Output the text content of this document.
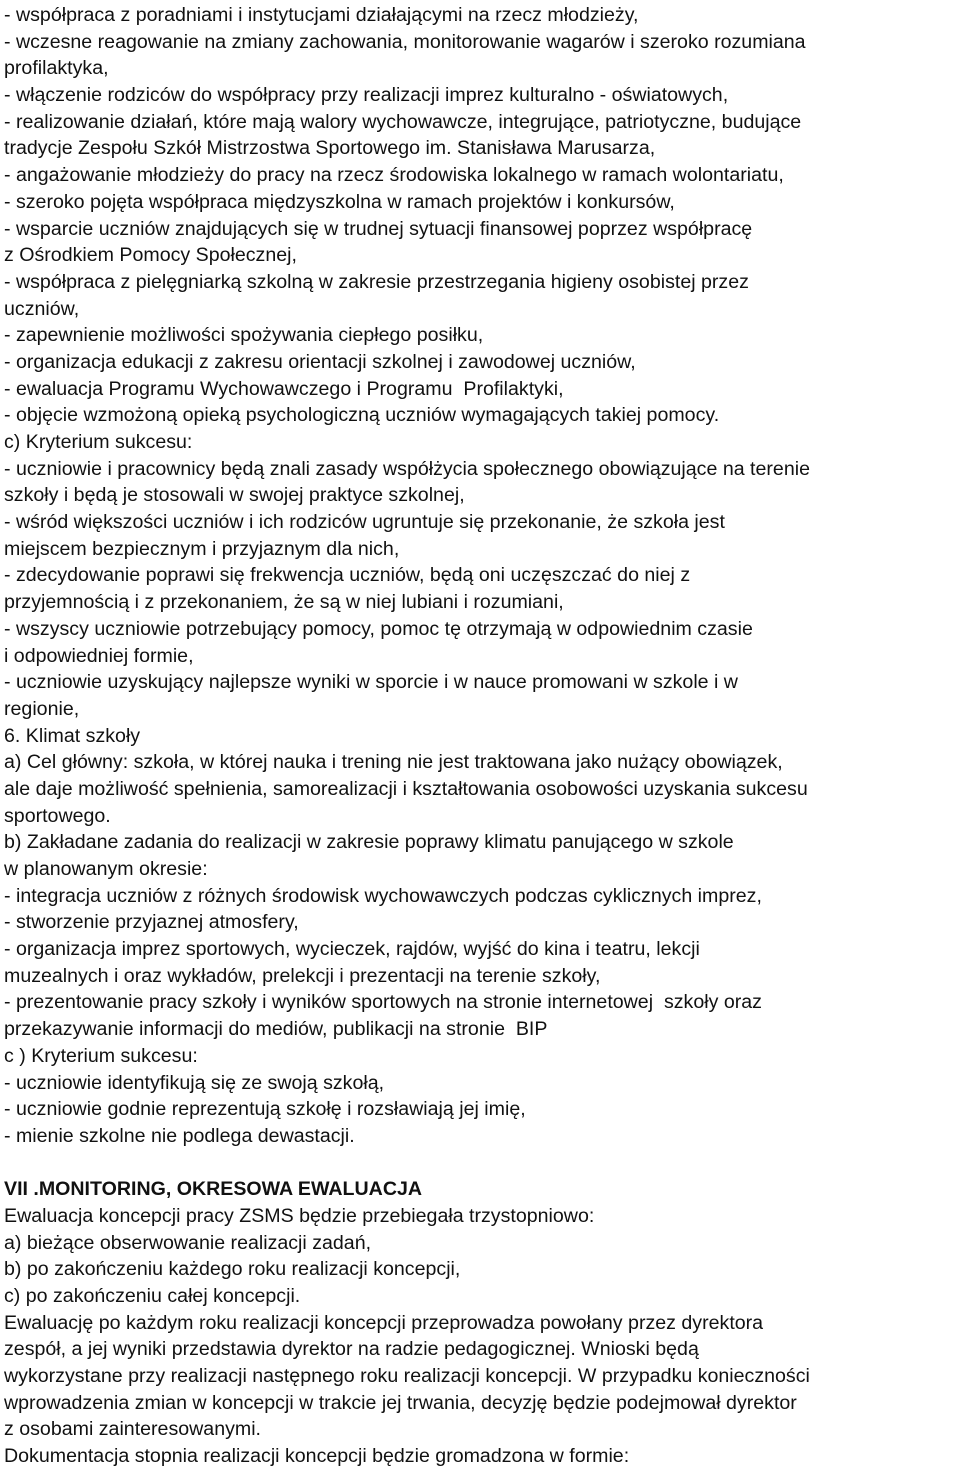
- współpraca z poradniami i instytucjami działającymi na rzecz młodzieży,
- wczesne reagowanie na zmiany zachowania, monitorowanie wagarów i szeroko rozumiana
profilaktyka,
- włączenie rodziców do współpracy przy realizacji imprez kulturalno - oświatowych,
- realizowanie działań, które mają walory wychowawcze, integrujące, patriotyczne, budujące
tradycje Zespołu Szkół Mistrzostwa Sportowego im. Stanisława Marusarza,
- angażowanie młodzieży do pracy na rzecz środowiska lokalnego w ramach wolontariatu,
- szeroko pojęta współpraca międzyszkolna w ramach projektów i konkursów,
- wsparcie uczniów znajdujących się w trudnej sytuacji finansowej poprzez współpracę
z Ośrodkiem Pomocy Społecznej,
- współpraca z pielęgniarką szkolną w zakresie przestrzegania higieny osobistej przez
uczniów,
- zapewnienie możliwości spożywania ciepłego posiłku,
- organizacja edukacji z zakresu orientacji szkolnej i zawodowej uczniów,
- ewaluacja Programu Wychowawczego i Programu  Profilaktyki,
- objęcie wzmożoną opieką psychologiczną uczniów wymagających takiej pomocy.
c) Kryterium sukcesu:
- uczniowie i pracownicy będą znali zasady współżycia społecznego obowiązujące na terenie
szkoły i będą je stosowali w swojej praktyce szkolnej,
- wśród większości uczniów i ich rodziców ugruntuje się przekonanie, że szkoła jest
miejscem bezpiecznym i przyjaznym dla nich,
- zdecydowanie poprawi się frekwencja uczniów, będą oni uczęszczać do niej z
przyjemnością i z przekonaniem, że są w niej lubiani i rozumiani,
- wszyscy uczniowie potrzebujący pomocy, pomoc tę otrzymają w odpowiednim czasie
i odpowiedniej formie,
- uczniowie uzyskujący najlepsze wyniki w sporcie i w nauce promowani w szkole i w
regionie,
6. Klimat szkoły
a) Cel główny: szkoła, w której nauka i trening nie jest traktowana jako nużący obowiązek,
ale daje możliwość spełnienia, samorealizacji i kształtowania osobowości uzyskania sukcesu
sportowego.
b) Zakładane zadania do realizacji w zakresie poprawy klimatu panującego w szkole
w planowanym okresie:
- integracja uczniów z różnych środowisk wychowawczych podczas cyklicznych imprez,
- stworzenie przyjaznej atmosfery,
- organizacja imprez sportowych, wycieczek, rajdów, wyjść do kina i teatru, lekcji
muzealnych i oraz wykładów, prelekcji i prezentacji na terenie szkoły,
- prezentowanie pracy szkoły i wyników sportowych na stronie internetowej  szkoły oraz
przekazywanie informacji do mediów, publikacji na stronie  BIP
c ) Kryterium sukcesu:
- uczniowie identyfikują się ze swoją szkołą,
- uczniowie godnie reprezentują szkołę i rozsławiają jej imię,
- mienie szkolne nie podlega dewastacji.
VII .MONITORING, OKRESOWA EWALUACJA
Ewaluacja koncepcji pracy ZSMS będzie przebiegała trzystopniowo:
a) bieżące obserwowanie realizacji zadań,
b) po zakończeniu każdego roku realizacji koncepcji,
c) po zakończeniu całej koncepcji.
Ewaluację po każdym roku realizacji koncepcji przeprowadza powołany przez dyrektora
zespół, a jej wyniki przedstawia dyrektor na radzie pedagogicznej. Wnioski będą
wykorzystane przy realizacji następnego roku realizacji koncepcji. W przypadku konieczności
wprowadzenia zmian w koncepcji w trakcie jej trwania, decyzję będzie podejmował dyrektor
z osobami zainteresowanymi.
Dokumentacja stopnia realizacji koncepcji będzie gromadzona w formie:
